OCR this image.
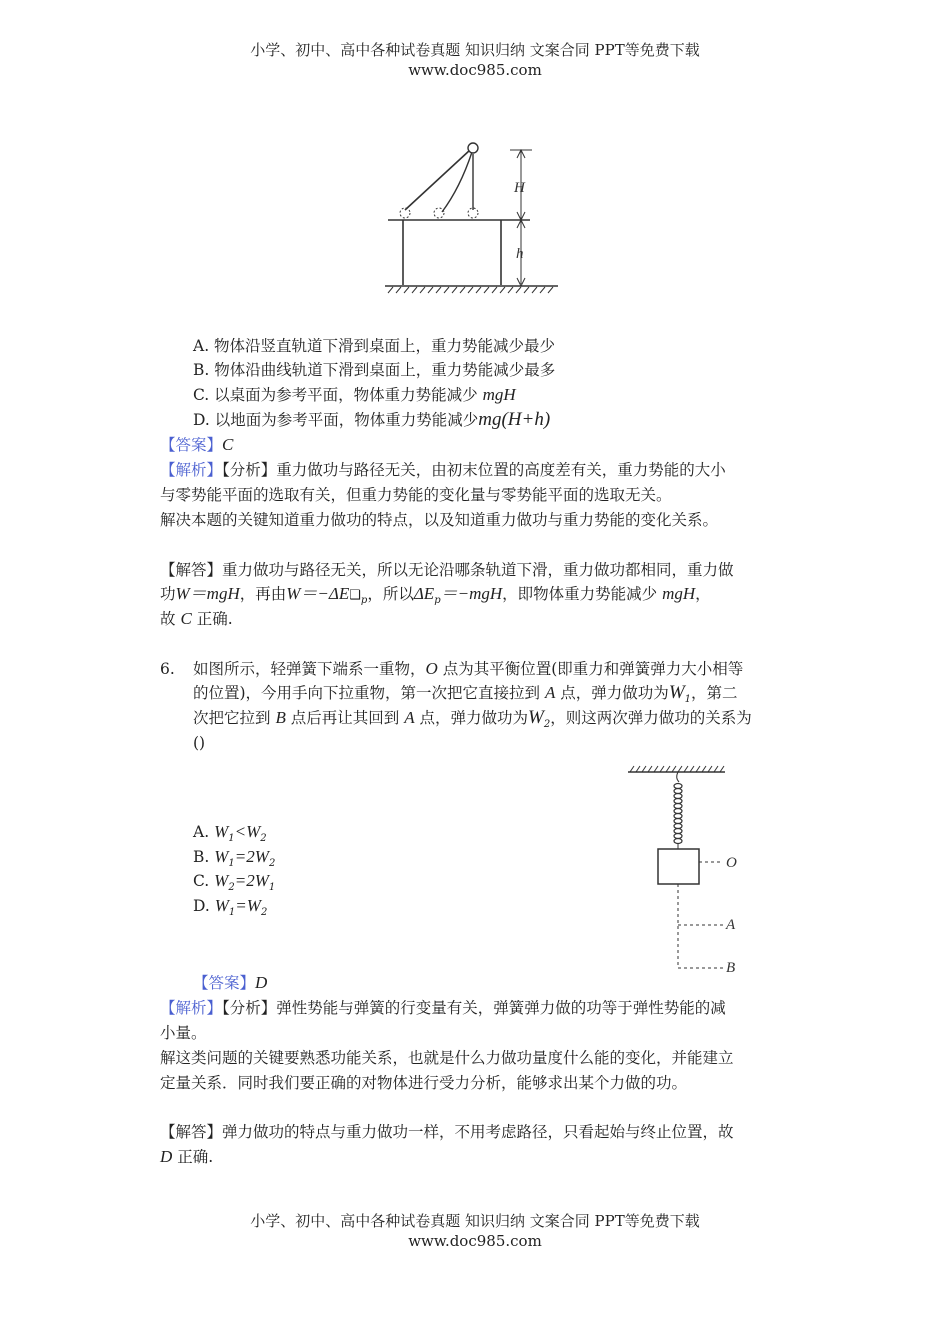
小学、初中、高中各种试卷真题 知识归纳 文案合同 PPT等免费下载
www.doc985.com
H
h
A. 物体沿竖直轨道下滑到桌面上，重力势能减少最少
B. 物体沿曲线轨道下滑到桌面上，重力势能减少最多
C. 以桌面为参考平面，物体重力势能减少 mgH
D. 以地面为参考平面，物体重力势能减少mg(H+h)
【答案】C
【解析】【分析】重力做功与路径无关，由初末位置的高度差有关，重力势能的大小
与零势能平面的选取有关，但重力势能的变化量与零势能平面的选取无关。
解决本题的关键知道重力做功的特点，以及知道重力做功与重力势能的变化关系。
【解答】重力做功与路径无关，所以无论沿哪条轨道下滑，重力做功都相同，重力做
功W＝mgH，再由$W=-\Delta E❑_p$，所以$\Delta E_p=-mgH$，即物体重力势能减少 mgH，
故 C 正确.
6. 如图所示，轻弹簧下端系一重物，O 点为其平衡位置(即重力和弹簧弹力大小相等
的位置)，今用手向下拉重物，第一次把它直接拉到 A 点，弹力做功为$W_1$，第二
次把它拉到 B 点后再让其回到 A 点，弹力做功为$W_2$，则这两次弹力做功的关系为
()
A. $W_1<W_2$
B. $W_1=2W_2$
C. $W_2=2W_1$
D. $W_1=W_2$
O
A
B
【答案】D
【解析】【分析】弹性势能与弹簧的行变量有关，弹簧弹力做的功等于弹性势能的减
小量。
解这类问题的关键要熟悉功能关系，也就是什么力做功量度什么能的变化，并能建立
定量关系．同时我们要正确的对物体进行受力分析，能够求出某个力做的功。
【解答】弹力做功的特点与重力做功一样，不用考虑路径，只看起始与终止位置，故
D 正确.
小学、初中、高中各种试卷真题 知识归纳 文案合同 PPT等免费下载
www.doc985.com
